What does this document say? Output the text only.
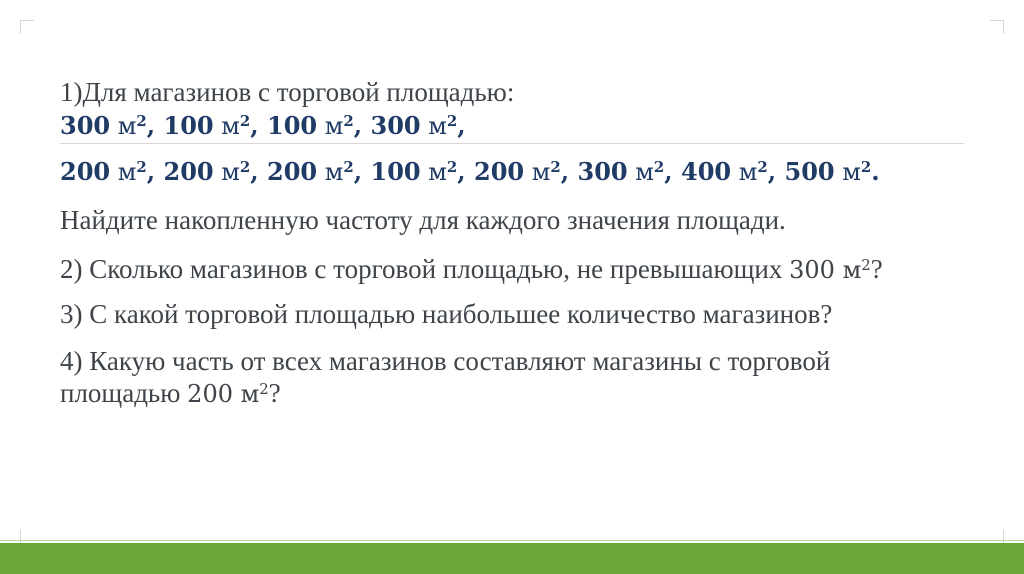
1)Для магазинов с торговой площадью:
300 $м^2$, 100 $м^2$, 100 $м^2$, 300 $м^2$,
200 $м^2$, 200 $м^2$, 200 $м^2$, 100 $м^2$, 200 $м^2$, 300 $м^2$, 400 $м^2$, 500 $м^2$.
Найдите накопленную частоту для каждого значения площади.
2) Сколько магазинов с торговой площадью, не превышающих 300 $м^2$?
3) С какой торговой площадью наибольшее количество магазинов?
4) Какую часть от всех магазинов составляют магазины с торговой
площадью 200 $м^2$?
